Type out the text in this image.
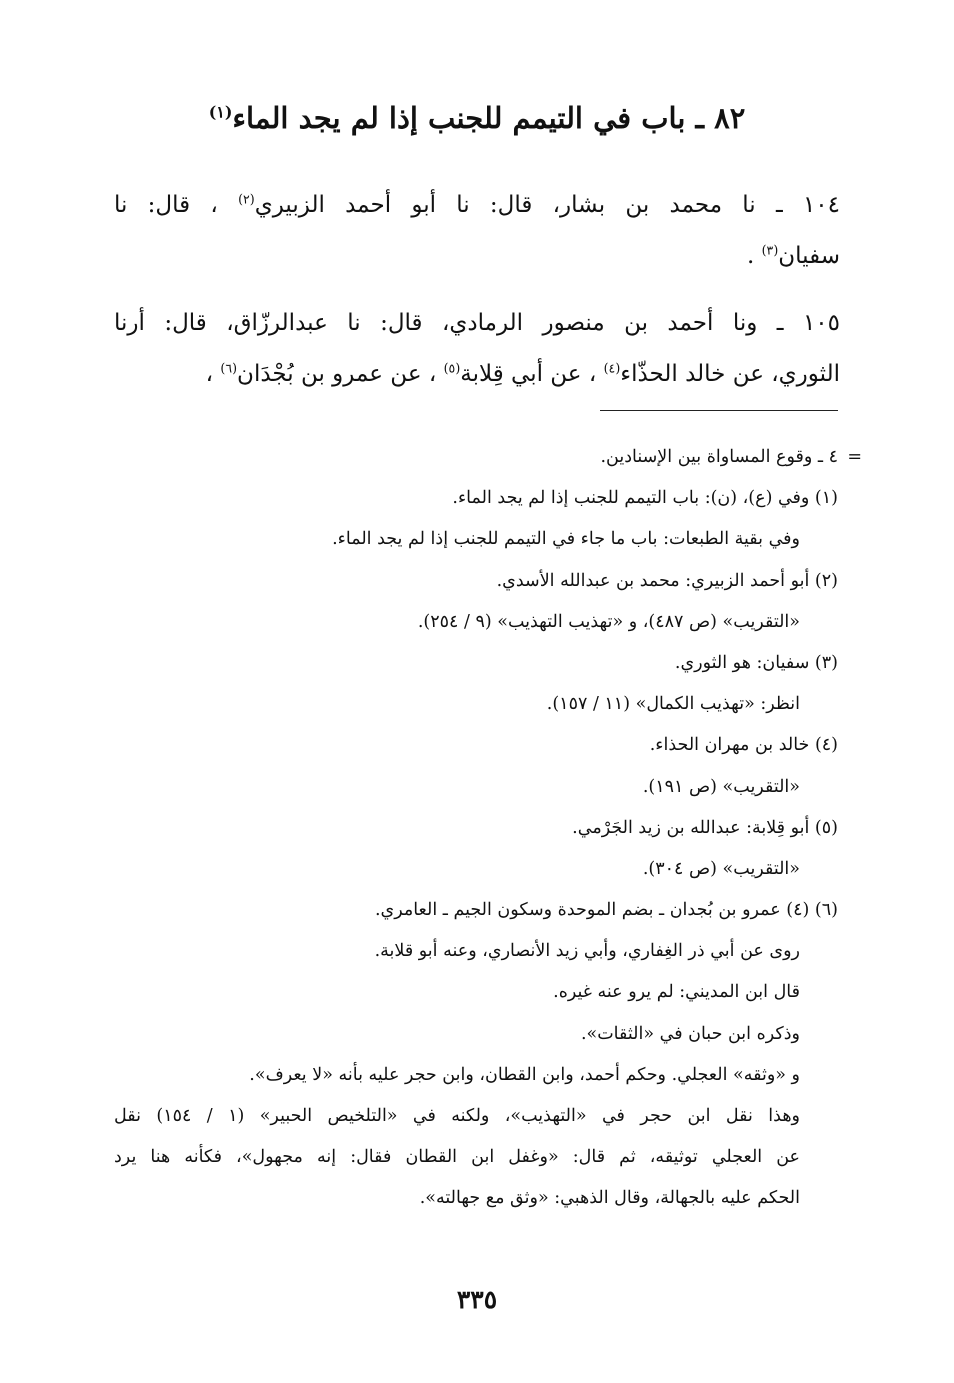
٨٢ ـ باب في التيمم للجنب إذا لم يجد الماء$^{(١)}$
١٠٤ ـ نا محمد بن بشار، قال: نا أبو أحمد الزبيري$^{(٢)}$ ، قال: نا
سفيان$^{(٣)}$ .
١٠٥ ـ ونا أحمد بن منصور الرمادي، قال: نا عبدالرزّاق، قال: أرنا
الثوري، عن خالد الحذّاء$^{(٤)}$ ، عن أبي قِلابة$^{(٥)}$ ، عن عمرو بن بُجْدَان$^{(٦)}$ ،
=
٤ ـ وقوع المساواة بين الإسنادين.
(١) وفي (ع)، (ن): باب التيمم للجنب إذا لم يجد الماء.
وفي بقية الطبعات: باب ما جاء في التيمم للجنب إذا لم يجد الماء.
(٢) أبو أحمد الزبيري: محمد بن عبدالله الأسدي.
«التقريب» (ص ٤٨٧)، و «تهذيب التهذيب» (٩ / ٢٥٤).
(٣) سفيان: هو الثوري.
انظر: «تهذيب الكمال» (١١ / ١٥٧).
(٤) خالد بن مهران الحذاء.
«التقريب» (ص ١٩١).
(٥) أبو قِلابة: عبدالله بن زيد الجَرْمي.
«التقريب» (ص ٣٠٤).
(٦) (٤) عمرو بن بُجدان ـ بضم الموحدة وسكون الجيم ـ العامري.
روى عن أبي ذر الغِفاري، وأبي زيد الأنصاري، وعنه أبو قلابة.
قال ابن المديني: لم يرو عنه غيره.
وذكره ابن حبان في «الثقات».
و «وثقه» العجلي. وحكم أحمد، وابن القطان، وابن حجر عليه بأنه «لا يعرف».
وهذا نقل ابن حجر في «التهذيب»، ولكنه في «التلخيص الحبير» (١ / ١٥٤) نقل
عن العجلي توثيقه، ثم قال: «وغفل ابن القطان فقال: إنه مجهول»، فكأنه هنا يرد
الحكم عليه بالجهالة، وقال الذهبي: «وثق مع جهالته».
٣٣٥
